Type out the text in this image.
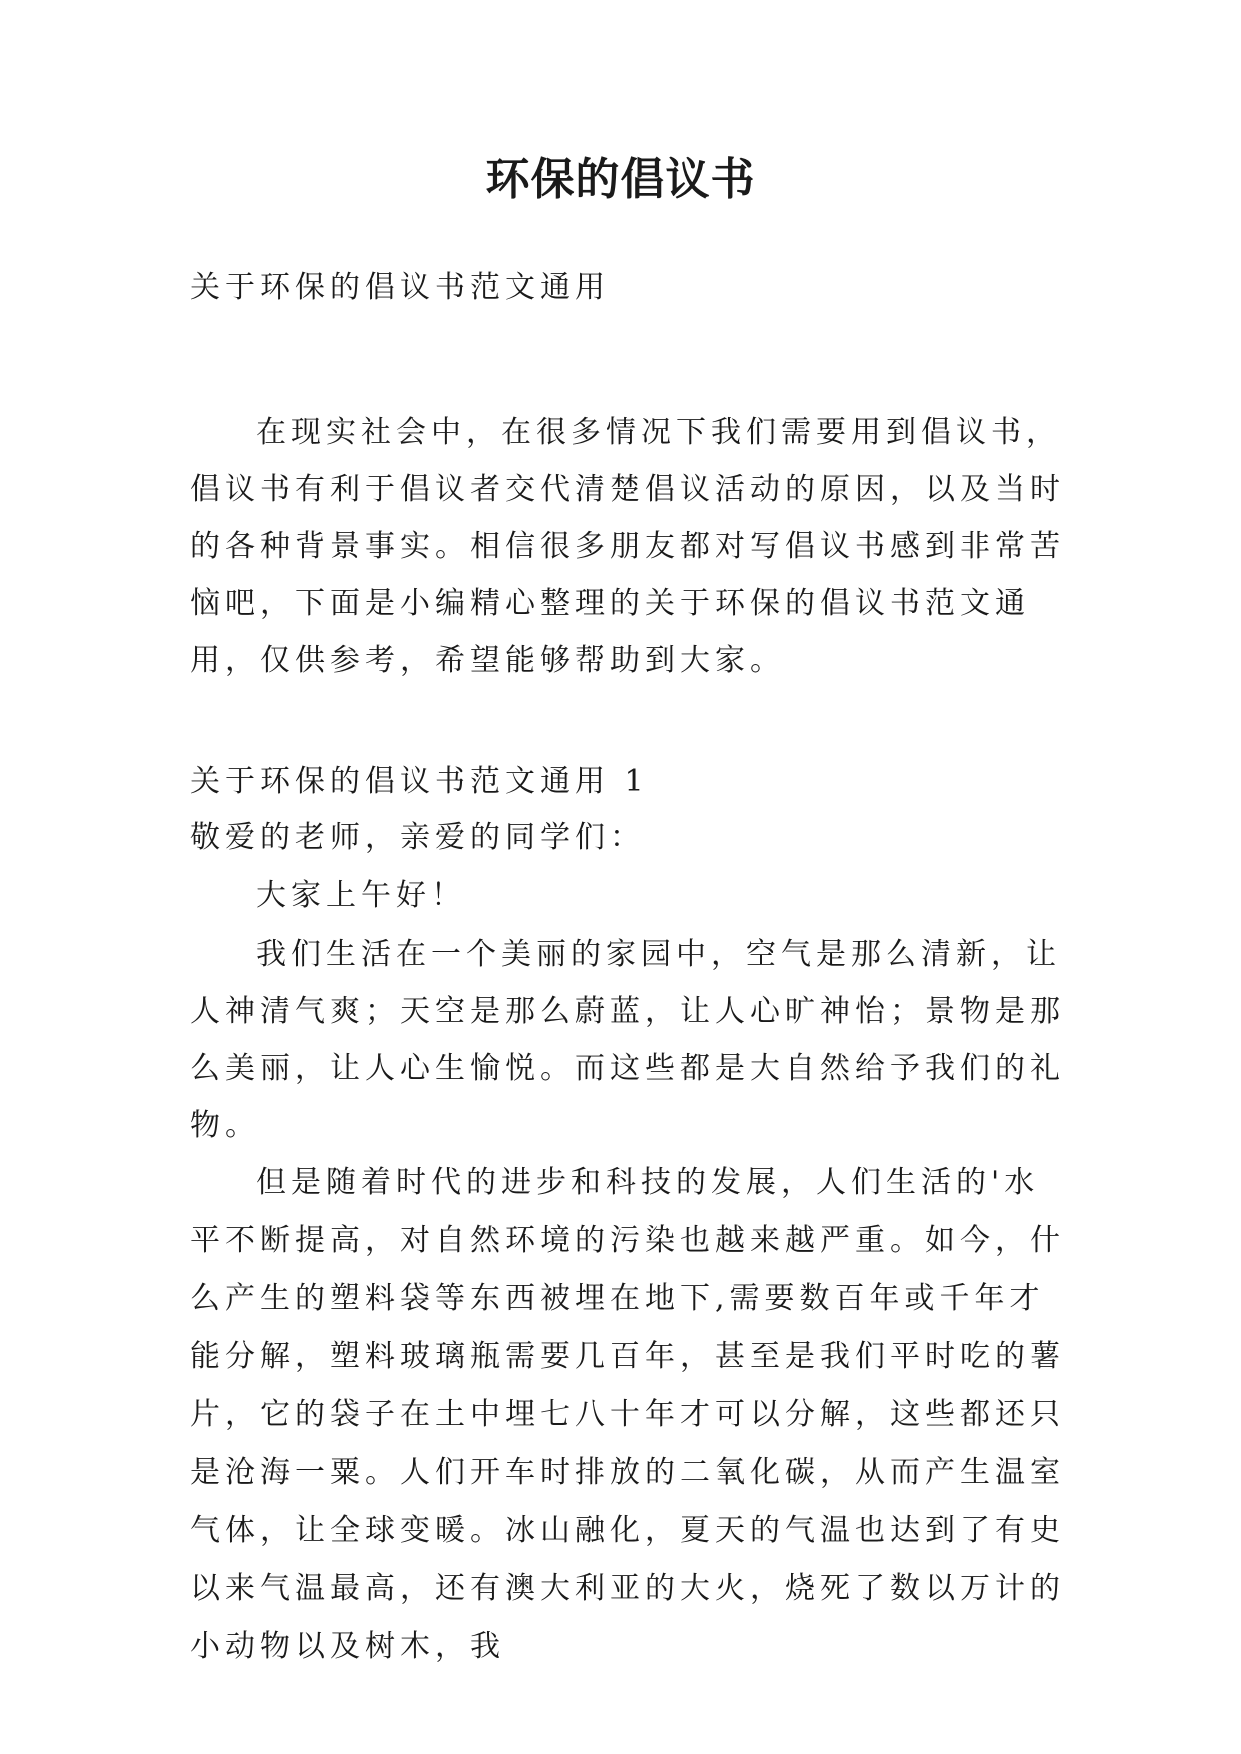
环保的倡议书

关于环保的倡议书范文通用

在现实社会中，在很多情况下我们需要用到倡议书，倡议书有利于倡议者交代清楚倡议活动的原因，以及当时的各种背景事实。相信很多朋友都对写倡议书感到非常苦恼吧，下面是小编精心整理的关于环保的倡议书范文通用，仅供参考，希望能够帮助到大家。

关于环保的倡议书范文通用 1

敬爱的老师，亲爱的同学们：

大家上午好！

我们生活在一个美丽的家园中，空气是那么清新，让人神清气爽；天空是那么蔚蓝，让人心旷神怡；景物是那么美丽，让人心生愉悦。而这些都是大自然给予我们的礼物。

但是随着时代的进步和科技的发展，人们生活的'水平不断提高，对自然环境的污染也越来越严重。如今，什么产生的塑料袋等东西被埋在地下,需要数百年或千年才能分解，塑料玻璃瓶需要几百年，甚至是我们平时吃的薯片，它的袋子在土中埋七八十年才可以分解，这些都还只是沧海一粟。人们开车时排放的二氧化碳，从而产生温室气体，让全球变暖。冰山融化，夏天的气温也达到了有史以来气温最高，还有澳大利亚的大火，烧死了数以万计的小动物以及树木，我
